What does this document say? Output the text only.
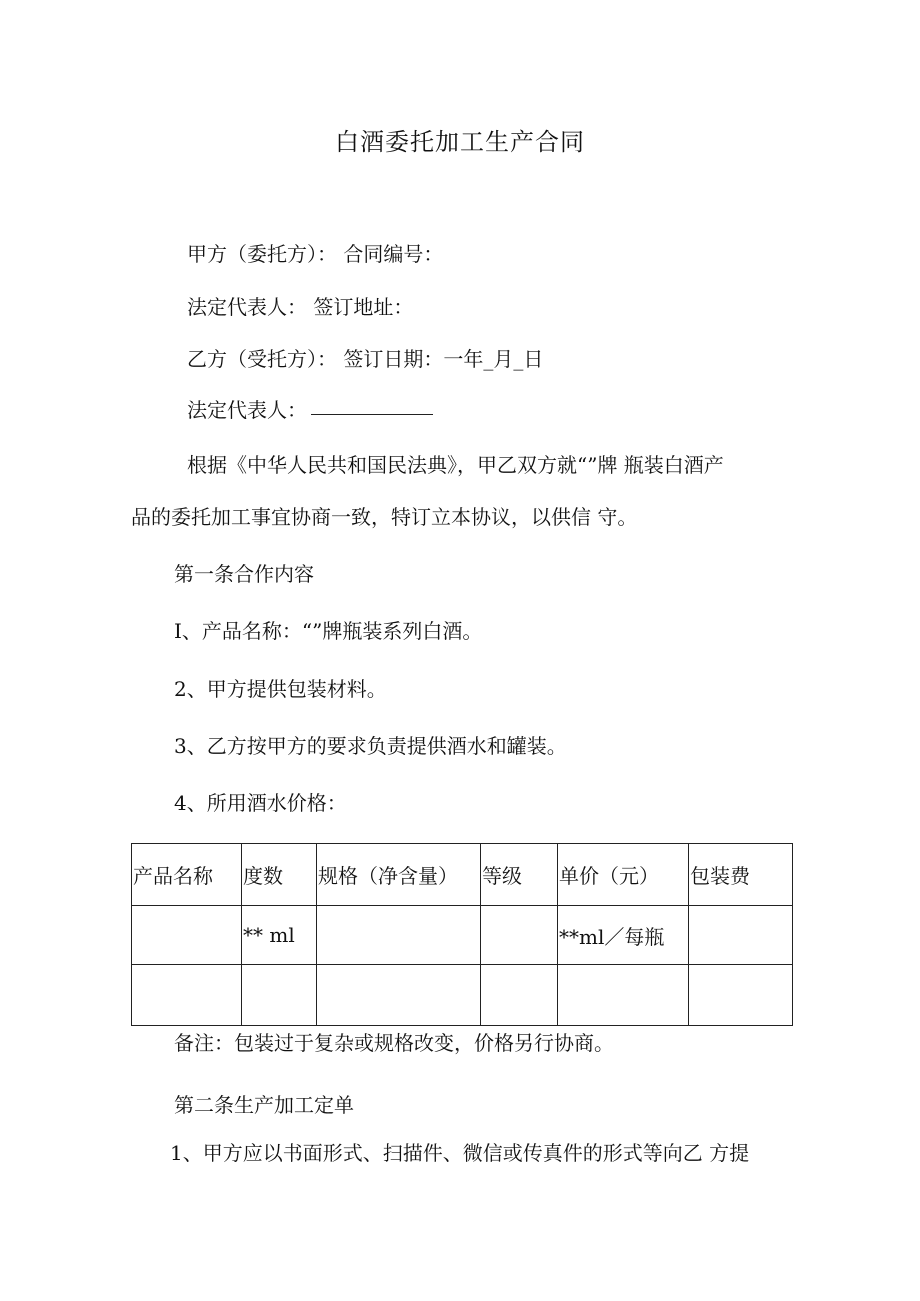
白酒委托加工生产合同
甲方（委托方）： 合同编号：
法定代表人： 签订地址：
乙方（受托方）： 签订日期：一年_月_日
法定代表人：
根据《中华人民共和国民法典》，甲乙双方就“”牌 瓶装白酒产
品的委托加工事宜协商一致，特订立本协议，以供信 守。
第一条合作内容
I、产品名称：“”牌瓶装系列白酒。
2、甲方提供包装材料。
3、乙方按甲方的要求负责提供酒水和罐装。
4、所用酒水价格：
产品名称	度数	规格（净含量）	等级	单价（元）	包装费
	** ml			**ml／每瓶	

备注：包装过于复杂或规格改变，价格另行协商。
第二条生产加工定单
1、甲方应以书面形式、扫描件、微信或传真件的形式等向乙 方提
